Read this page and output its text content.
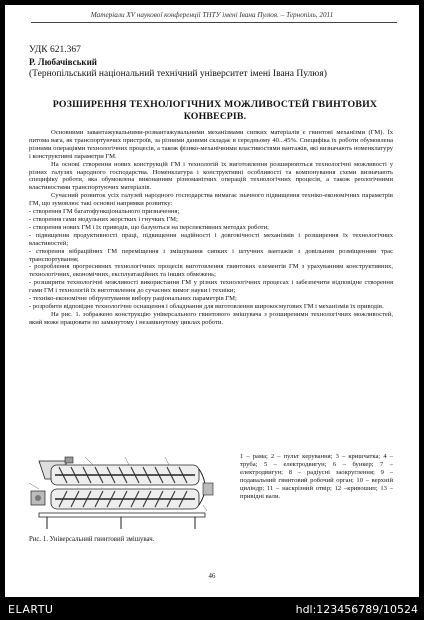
Матеріали XV наукової конференції ТНТУ імені Івана Пулюя. – Тернопіль, 2011
УДК 621.367
Р. Любачівський
(Тернопільський національний технічний університет імені Івана Пулюя)
РОЗШИРЕННЯ ТЕХНОЛОГІЧНИХ МОЖЛИВОСТЕЙ ГВИНТОВИХ
КОНВЕЄРІВ.

Основними завантажувальними-розвантажувальними механізмами сипких матеріалів є гвинтові механізми (ГМ). Їх питома вага, як транспортуючих пристроїв, за різними даними складає в середньому 40...45%. Специфіка їх роботи обумовлена різними операціями технологічних процесів, а також фізико-механічними властивостями вантажів, які визначають номенклатуру і конструктивні параметри ГМ.

На основі створення нових конструкцій ГМ і технологій їх виготовлення розширюються технологічні можливості у різних галузях народного господарства. Номенклатура і конструктивні особливості та компонування схеми визначають специфіку роботи, яка обумовлена виконанням різноманітних операцій технологічних процесів, а також реологічними властивостями транспортуючих матеріалів.

Сучасний розвиток усіх галузей народного господарства вимагає значного підвищення техніко-економічних параметрів ГМ, що зумовлює такі основні напрямки розвитку:

- створення ГМ багатофункціонального призначення;

- створення гами модульних жорстких і гнучких ГМ;

- створення нових ГМ і їх приводів, що базуються на перспективних методах роботи;

- підвищення продуктивності праці, підвищення надійності і довговічності механізмів і розширення їх технологічних властивостей;

- створення вібраційних ГМ переміщення і змішування сипких і штучних вантажів з довільним розміщенням трас транспортування;

- розроблення прогресивних технологічних процесів виготовлення гвинтових елементів ГМ з урахуванням конструктивних, технологічних, економічних, експлуатаційних та інших обмежень;

- розширити технологічні можливості використання ГМ у різних технологічних процесах і забезпечити відповідне створення гами ГМ і технологій їх виготовлення до сучасних вимог науки і техніки;

- техніко-економічне обґрунтування вибору раціональних параметрів ГМ;

- розробити відповідне технологічне оснащення і обладнання для виготовлення широкосмугових ГМ і механізмів їх приводів.

На рис. 1. зображено конструкцію універсального гвинтового змішувача з розширеними технологічних можливостей, який може працювати по замкнутому і незамкнутому циклах роботи.

Рис. 1. Універсальний гвинтовий змішувач.
1 – рама; 2 – пульт керування; 3 – кришчатка; 4 – труба; 5 – електродвигун; 6 – бункер; 7 – електродвигун; 8 – радіусні заокруглення; 9 – подавальний гвинтовий робочий орган; 10 – верхній циліндр; 11 – наскрізний отвір; 12 –кривошип; 13 – привідні вали.
46
ELARTU	hdl:123456789/10524
